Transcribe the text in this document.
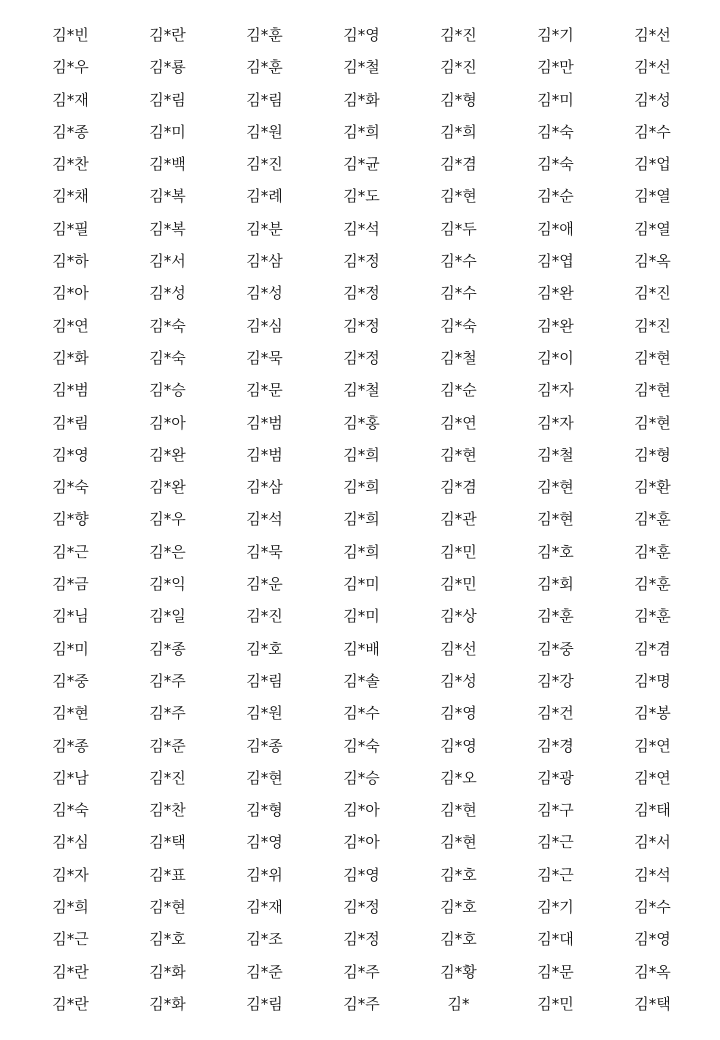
김*빈	김*란	김*훈	김*영	김*진	김*기	김*선
김*우	김*룡	김*훈	김*철	김*진	김*만	김*선
김*재	김*림	김*림	김*화	김*형	김*미	김*성
김*종	김*미	김*원	김*희	김*희	김*숙	김*수
김*찬	김*백	김*진	김*균	김*겸	김*숙	김*업
김*채	김*복	김*례	김*도	김*현	김*순	김*열
김*필	김*복	김*분	김*석	김*두	김*애	김*열
김*하	김*서	김*삼	김*정	김*수	김*엽	김*옥
김*아	김*성	김*성	김*정	김*수	김*완	김*진
김*연	김*숙	김*심	김*정	김*숙	김*완	김*진
김*화	김*숙	김*묵	김*정	김*철	김*이	김*현
김*범	김*승	김*문	김*철	김*순	김*자	김*현
김*림	김*아	김*범	김*홍	김*연	김*자	김*현
김*영	김*완	김*범	김*희	김*현	김*철	김*형
김*숙	김*완	김*삼	김*희	김*겸	김*현	김*환
김*향	김*우	김*석	김*희	김*관	김*현	김*훈
김*근	김*은	김*묵	김*희	김*민	김*호	김*훈
김*금	김*익	김*운	김*미	김*민	김*회	김*훈
김*님	김*일	김*진	김*미	김*상	김*훈	김*훈
김*미	김*종	김*호	김*배	김*선	김*중	김*겸
김*중	김*주	김*림	김*솔	김*성	김*강	김*명
김*현	김*주	김*원	김*수	김*영	김*건	김*봉
김*종	김*준	김*종	김*숙	김*영	김*경	김*연
김*남	김*진	김*현	김*승	김*오	김*광	김*연
김*숙	김*찬	김*형	김*아	김*현	김*구	김*태
김*심	김*택	김*영	김*아	김*현	김*근	김*서
김*자	김*표	김*위	김*영	김*호	김*근	김*석
김*희	김*현	김*재	김*정	김*호	김*기	김*수
김*근	김*호	김*조	김*정	김*호	김*대	김*영
김*란	김*화	김*준	김*주	김*황	김*문	김*옥
김*란	김*화	김*림	김*주	김*	김*민	김*택
